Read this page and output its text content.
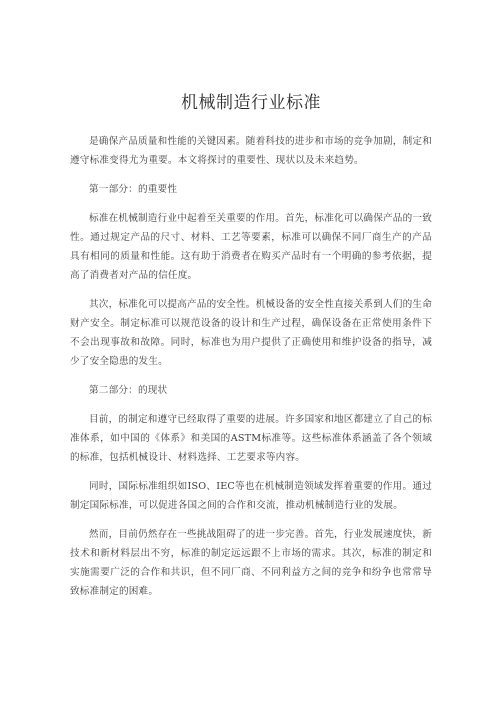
机械制造行业标准

是确保产品质量和性能的关键因素。随着科技的进步和市场的竞争加剧，制定和遵守标准变得尤为重要。本文将探讨的重要性、现状以及未来趋势。

第一部分：的重要性

标准在机械制造行业中起着至关重要的作用。首先，标准化可以确保产品的一致性。通过规定产品的尺寸、材料、工艺等要素，标准可以确保不同厂商生产的产品具有相同的质量和性能。这有助于消费者在购买产品时有一个明确的参考依据，提高了消费者对产品的信任度。

其次，标准化可以提高产品的安全性。机械设备的安全性直接关系到人们的生命财产安全。制定标准可以规范设备的设计和生产过程，确保设备在正常使用条件下不会出现事故和故障。同时，标准也为用户提供了正确使用和维护设备的指导，减少了安全隐患的发生。

第二部分：的现状

目前，的制定和遵守已经取得了重要的进展。许多国家和地区都建立了自己的标准体系，如中国的《体系》和美国的ASTM标准等。这些标准体系涵盖了各个领域的标准，包括机械设计、材料选择、工艺要求等内容。

同时，国际标准组织如ISO、IEC等也在机械制造领域发挥着重要的作用。通过制定国际标准，可以促进各国之间的合作和交流，推动机械制造行业的发展。

然而，目前仍然存在一些挑战阻碍了的进一步完善。首先，行业发展速度快，新技术和新材料层出不穷，标准的制定远远跟不上市场的需求。其次，标准的制定和实施需要广泛的合作和共识，但不同厂商、不同利益方之间的竞争和纷争也常常导致标准制定的困难。
